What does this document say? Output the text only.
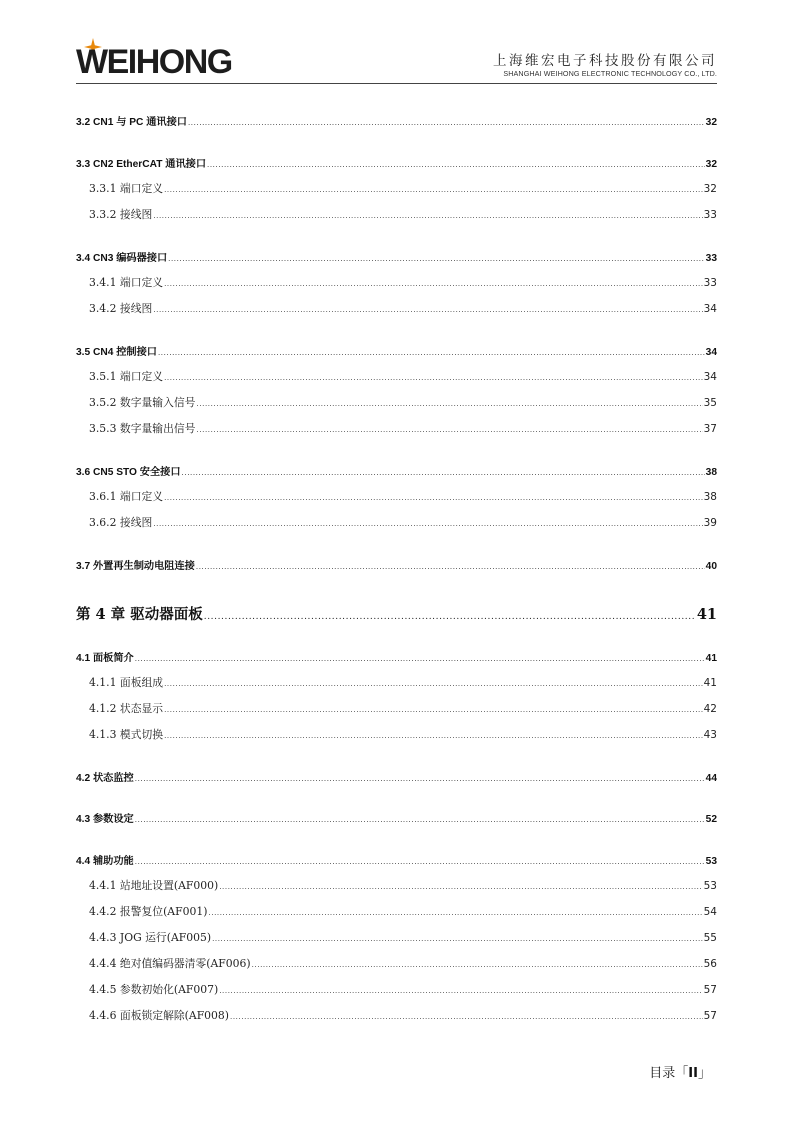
WEIHONG	上海维宏电子科技股份有限公司
SHANGHAI WEIHONG ELECTRONIC TECHNOLOGY CO., LTD.
3.2 CN1 与 PC 通讯接口 .....	32
3.3 CN2 EtherCAT 通讯接口 .....	32
3.3.1 端口定义 .....	32
3.3.2 接线图 .....	33
3.4 CN3 编码器接口 .....	33
3.4.1 端口定义 .....	33
3.4.2 接线图 .....	34
3.5 CN4 控制接口 .....	34
3.5.1 端口定义 .....	34
3.5.2 数字量输入信号 .....	35
3.5.3 数字量输出信号 .....	37
3.6 CN5 STO 安全接口 .....	38
3.6.1 端口定义 .....	38
3.6.2 接线图 .....	39
3.7 外置再生制动电阻连接 .....	40
第 4 章 驱动器面板 .....	41
4.1 面板简介 .....	41
4.1.1 面板组成 .....	41
4.1.2 状态显示 .....	42
4.1.3 模式切换 .....	43
4.2 状态监控 .....	44
4.3 参数设定 .....	52
4.4 辅助功能 .....	53
4.4.1 站地址设置(AF000) .....	53
4.4.2 报警复位(AF001) .....	54
4.4.3 JOG 运行(AF005) .....	55
4.4.4 绝对值编码器清零(AF006) .....	56
4.4.5 参数初始化(AF007) .....	57
4.4.6 面板锁定解除(AF008) .....	57
目录「II」
